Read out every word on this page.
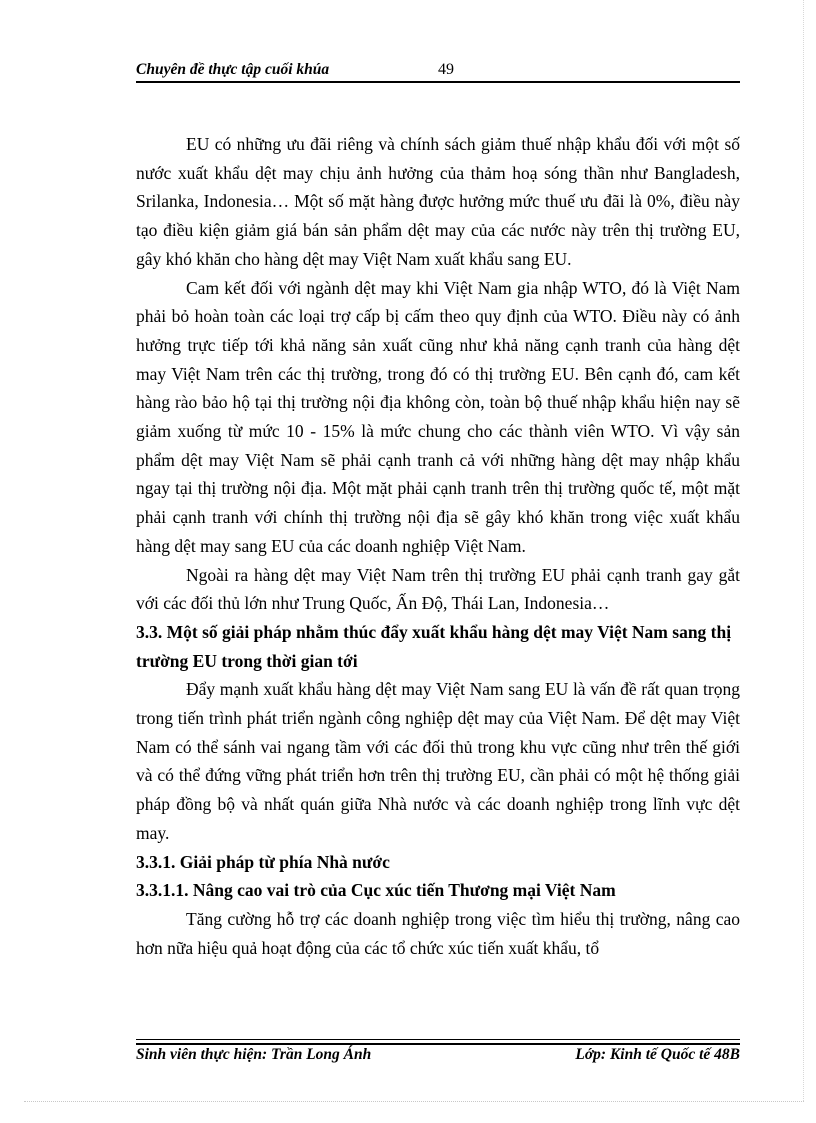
Chuyên đề thực tập cuối khúa	49

EU có những ưu đãi riêng và chính sách giảm thuế nhập khẩu đối với một số nước xuất khẩu dệt may chịu ảnh hưởng của thảm hoạ sóng thần như Bangladesh, Srilanka, Indonesia… Một số mặt hàng được hưởng mức thuế ưu đãi là 0%, điều này tạo điều kiện giảm giá bán sản phẩm dệt may của các nước này trên thị trường EU, gây khó khăn cho hàng dệt may Việt Nam xuất khẩu sang EU.

Cam kết đối với ngành dệt may khi Việt Nam gia nhập WTO, đó là Việt Nam phải bỏ hoàn toàn các loại trợ cấp bị cấm theo quy định của WTO. Điều này có ảnh hưởng trực tiếp tới khả năng sản xuất cũng như khả năng cạnh tranh của hàng dệt may Việt Nam trên các thị trường, trong đó có thị trường EU. Bên cạnh đó, cam kết hàng rào bảo hộ tại thị trường nội địa không còn, toàn bộ thuế nhập khẩu hiện nay sẽ giảm xuống từ mức 10 - 15% là mức chung cho các thành viên WTO. Vì vậy sản phẩm dệt may Việt Nam sẽ phải cạnh tranh cả với những hàng dệt may nhập khẩu ngay tại thị trường nội địa. Một mặt phải cạnh tranh trên thị trường quốc tế, một mặt phải cạnh tranh với chính thị trường nội địa sẽ gây khó khăn trong việc xuất khẩu hàng dệt may sang EU của các doanh nghiệp Việt Nam.

Ngoài ra hàng dệt may Việt Nam trên thị trường EU phải cạnh tranh gay gắt với các đối thủ lớn như Trung Quốc, Ấn Độ, Thái Lan, Indonesia…

3.3. Một số giải pháp nhằm thúc đẩy xuất khẩu hàng dệt may Việt Nam sang thị trường EU trong thời gian tới

Đẩy mạnh xuất khẩu hàng dệt may Việt Nam sang EU là vấn đề rất quan trọng trong tiến trình phát triển ngành công nghiệp dệt may của Việt Nam. Để dệt may Việt Nam có thể sánh vai ngang tầm với các đối thủ trong khu vực cũng như trên thế giới và có thể đứng vững phát triển hơn trên thị trường EU, cần phải có một hệ thống giải pháp đồng bộ và nhất quán giữa Nhà nước và các doanh nghiệp trong lĩnh vực dệt may.

3.3.1. Giải pháp từ phía Nhà nước
3.3.1.1. Nâng cao vai trò của Cục xúc tiến Thương mại Việt Nam

Tăng cường hỗ trợ các doanh nghiệp trong việc tìm hiểu thị trường, nâng cao hơn nữa hiệu quả hoạt động của các tổ chức xúc tiến xuất khẩu, tổ

Sinh viên thực hiện: Trần Long Ánh	Lớp: Kinh tế Quốc tế 48B
